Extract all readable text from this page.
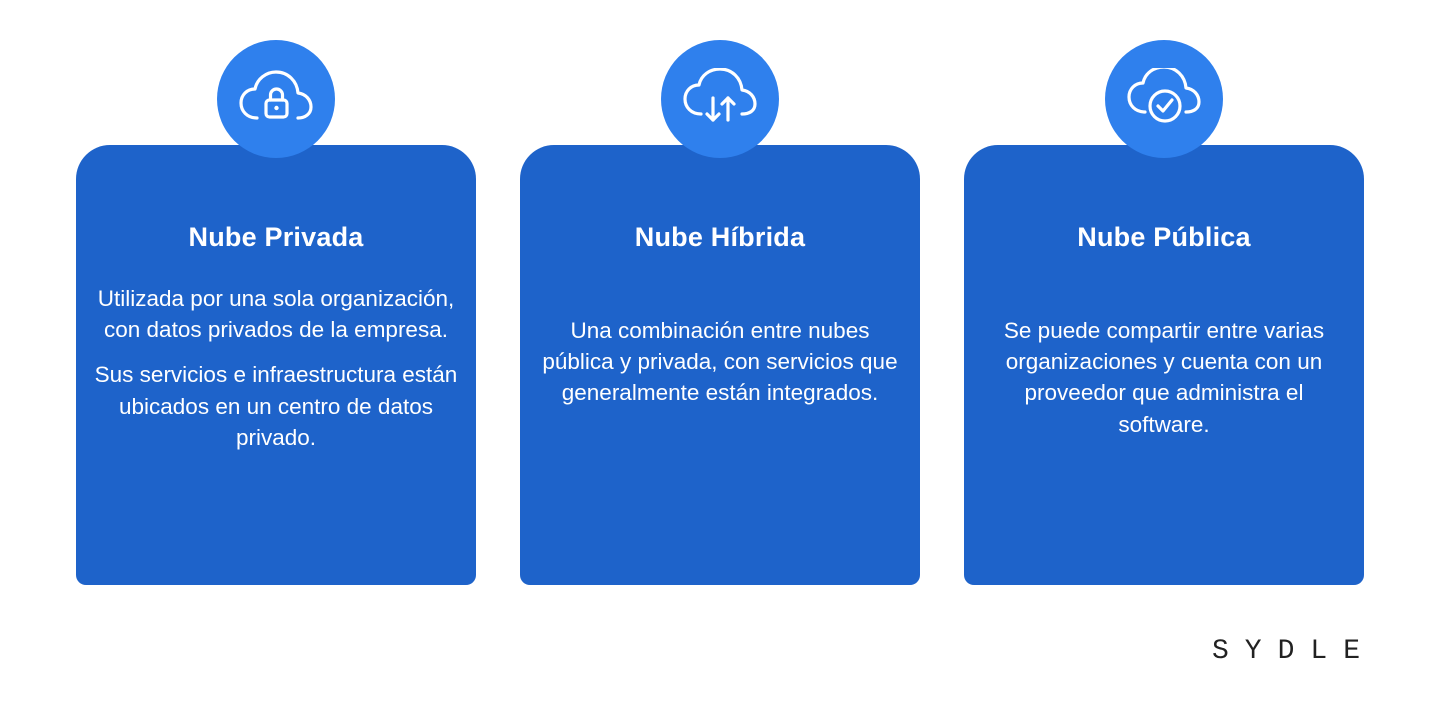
Nube Privada

Utilizada por una sola organización, con datos privados de la empresa.

Sus servicios e infraestructura están ubicados en un centro de datos privado.

Nube Híbrida

Una combinación entre nubes pública y privada, con servicios que generalmente están integrados.

Nube Pública

Se puede compartir entre varias organizaciones y cuenta con un proveedor que administra el software.

S Y D L E
